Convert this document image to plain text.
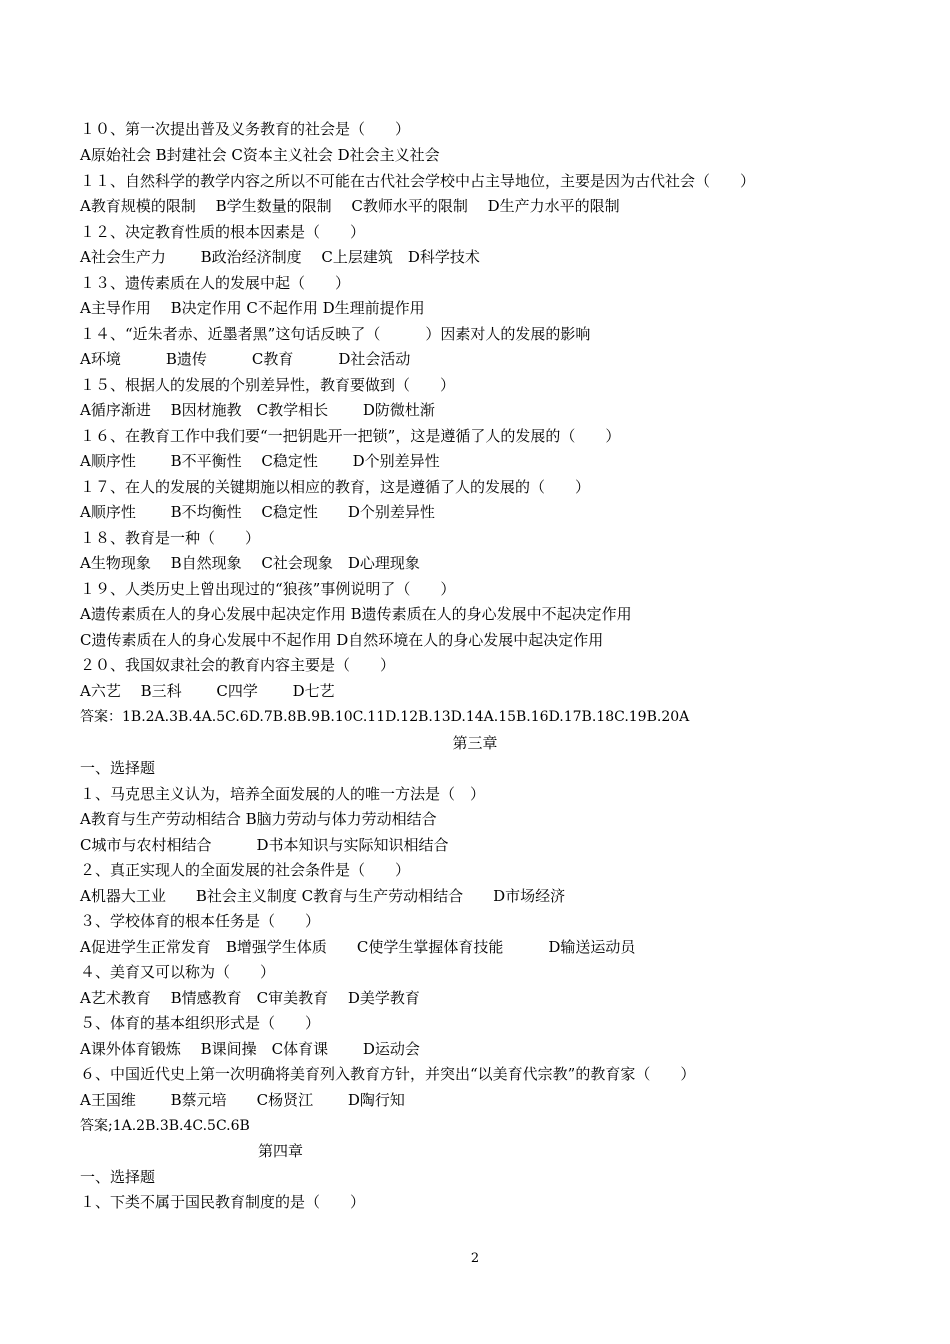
１０、第一次提出普及义务教育的社会是（　　）

A原始社会 B封建社会 C资本主义社会 D社会主义社会

１１、自然科学的教学内容之所以不可能在古代社会学校中占主导地位，主要是因为古代社会（　　）

A教育规模的限制　 B学生数量的限制　 C教师水平的限制　 D生产力水平的限制

１２、决定教育性质的根本因素是（　　）

A社会生产力　　 B政治经济制度　 C上层建筑　D科学技术

１３、遗传素质在人的发展中起（　　）

A主导作用　 B决定作用 C不起作用 D生理前提作用

１４、“近朱者赤、近墨者黑”这句话反映了（　　　）因素对人的发展的影响

A环境　　　B遗传　　　C教育　　　D社会活动

１５、根据人的发展的个别差异性，教育要做到（　　）

A循序渐进　 B因材施教　C教学相长　　 D防微杜渐

１６、在教育工作中我们要“一把钥匙开一把锁”，这是遵循了人的发展的（　　）

A顺序性　　 B不平衡性　 C稳定性　　 D个别差异性

１７、在人的发展的关键期施以相应的教育，这是遵循了人的发展的（　　）

A顺序性　　 B不均衡性　 C稳定性　　D个别差异性

１８、教育是一种（　　）

A生物现象　 B自然现象　 C社会现象　D心理现象

１９、人类历史上曾出现过的“狼孩”事例说明了（　　）

A遗传素质在人的身心发展中起决定作用 B遗传素质在人的身心发展中不起决定作用

C遗传素质在人的身心发展中不起作用 D自然环境在人的身心发展中起决定作用

２０、我国奴隶社会的教育内容主要是（　　）

A六艺　 B三科　　 C四学　　 D七艺

答案：1B.2A.3B.4A.5C.6D.7B.8B.9B.10C.11D.12B.13D.14A.15B.16D.17B.18C.19B.20A

第三章

一、选择题

１、马克思主义认为，培养全面发展的人的唯一方法是（　）

A教育与生产劳动相结合 B脑力劳动与体力劳动相结合

C城市与农村相结合　　　D书本知识与实际知识相结合

２、真正实现人的全面发展的社会条件是（　　）

A机器大工业　　B社会主义制度 C教育与生产劳动相结合　　D市场经济

３、学校体育的根本任务是（　　）

A促进学生正常发育　B增强学生体质　　C使学生掌握体育技能　　　D输送运动员

４、美育又可以称为（　　）

A艺术教育　 B情感教育　C审美教育　 D美学教育

５、体育的基本组织形式是（　　）

A课外体育锻炼　 B课间操　C体育课　　 D运动会

６、中国近代史上第一次明确将美育列入教育方针，并突出“以美育代宗教”的教育家（　　）

A王国维　　 B蔡元培　　C杨贤江　　 D陶行知

答案;1A.2B.3B.4C.5C.6B

第四章

一、选择题

１、下类不属于国民教育制度的是（　　）

2
